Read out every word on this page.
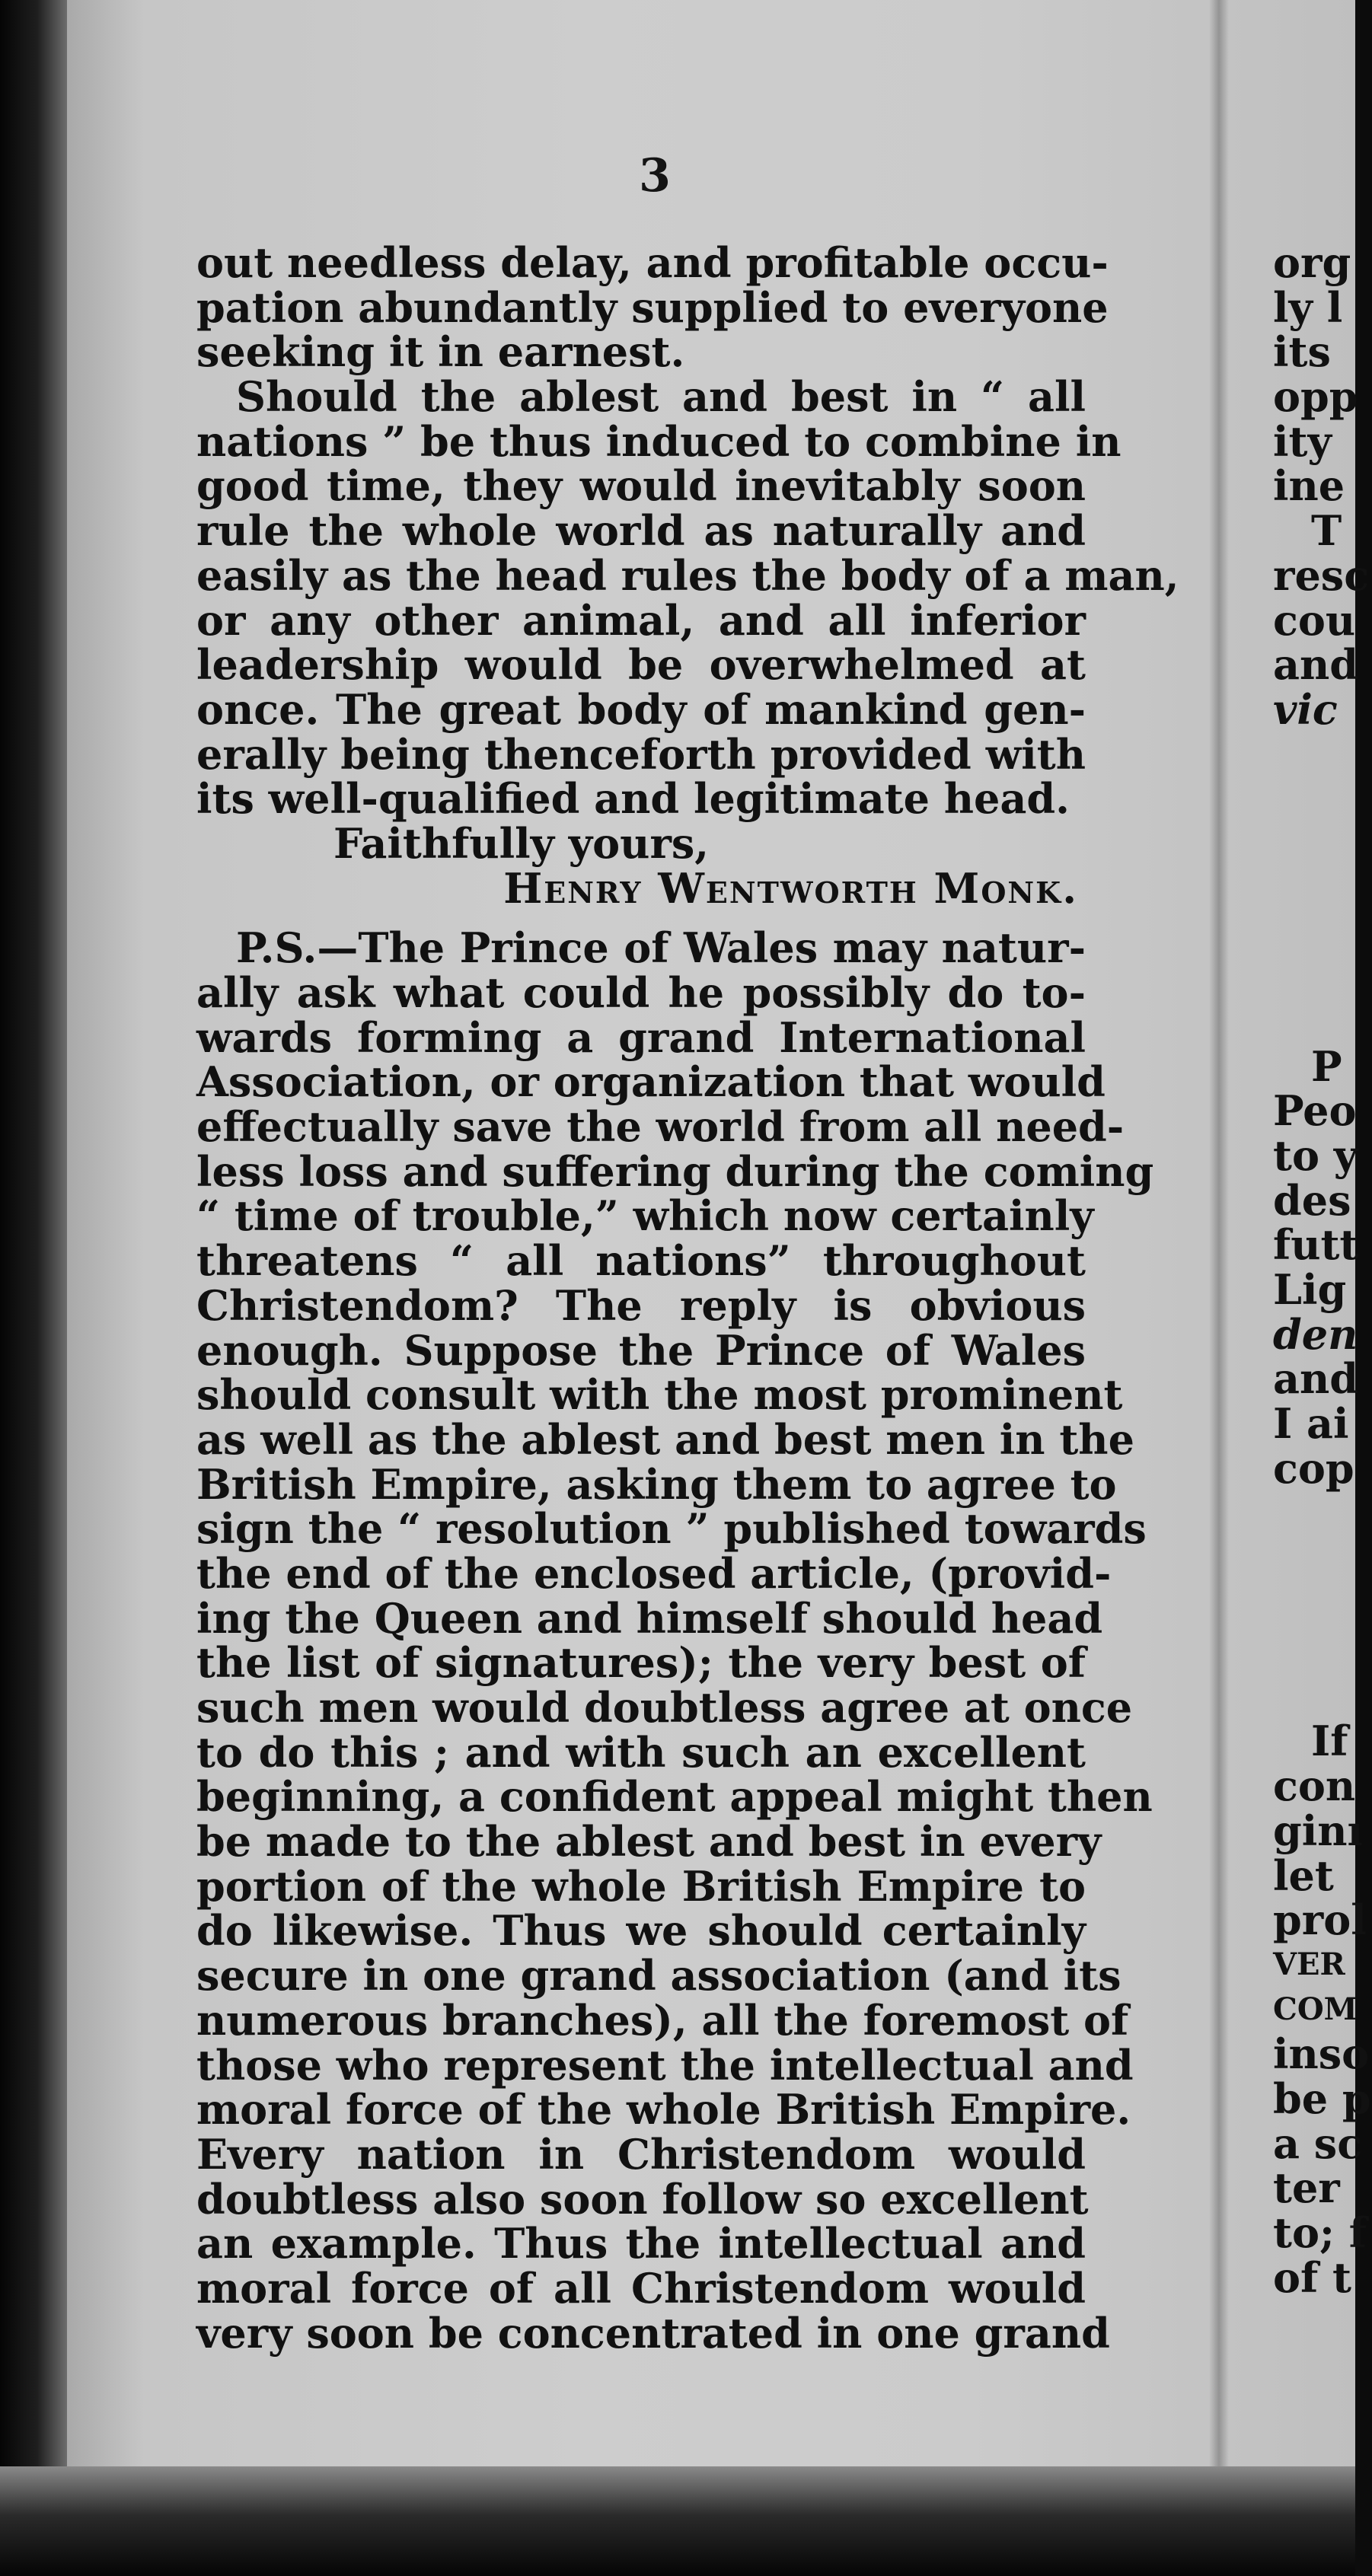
3
out needless delay, and profitable occu-
pation abundantly supplied to everyone
seeking it in earnest.
Should the ablest and best in “ all
nations ” be thus induced to combine in
good time, they would inevitably soon
rule the whole world as naturally and
easily as the head rules the body of a man,
or any other animal, and all inferior
leadership would be overwhelmed at
once. The great body of mankind gen-
erally being thenceforth provided with
its well-qualified and legitimate head.
Faithfully yours,
Henry Wentworth Monk.
P.S.—The Prince of Wales may natur-
ally ask what could he possibly do to-
wards forming a grand International
Association, or organization that would
effectually save the world from all need-
less loss and suffering during the coming
“ time of trouble,” which now certainly
threatens “ all nations” throughout
Christendom? The reply is obvious
enough. Suppose the Prince of Wales
should consult with the most prominent
as well as the ablest and best men in the
British Empire, asking them to agree to
sign the “ resolution ” published towards
the end of the enclosed article, (provid-
ing the Queen and himself should head
the list of signatures); the very best of
such men would doubtless agree at once
to do this ; and with such an excellent
beginning, a confident appeal might then
be made to the ablest and best in every
portion of the whole British Empire to
do likewise. Thus we should certainly
secure in one grand association (and its
numerous branches), all the foremost of
those who represent the intellectual and
moral force of the whole British Empire.
Every nation in Christendom would
doubtless also soon follow so excellent
an example. Thus the intellectual and
moral force of all Christendom would
very soon be concentrated in one grand
org
ly l
its
opp
ity
ine
T
resc
cou
and
vic
P
Peo
to y
des
futt
Lig
den
and
I ai
cop
If
con
ginı
let
prol
VER
COM
inso
be p
a sc
ter
to; f
of t
